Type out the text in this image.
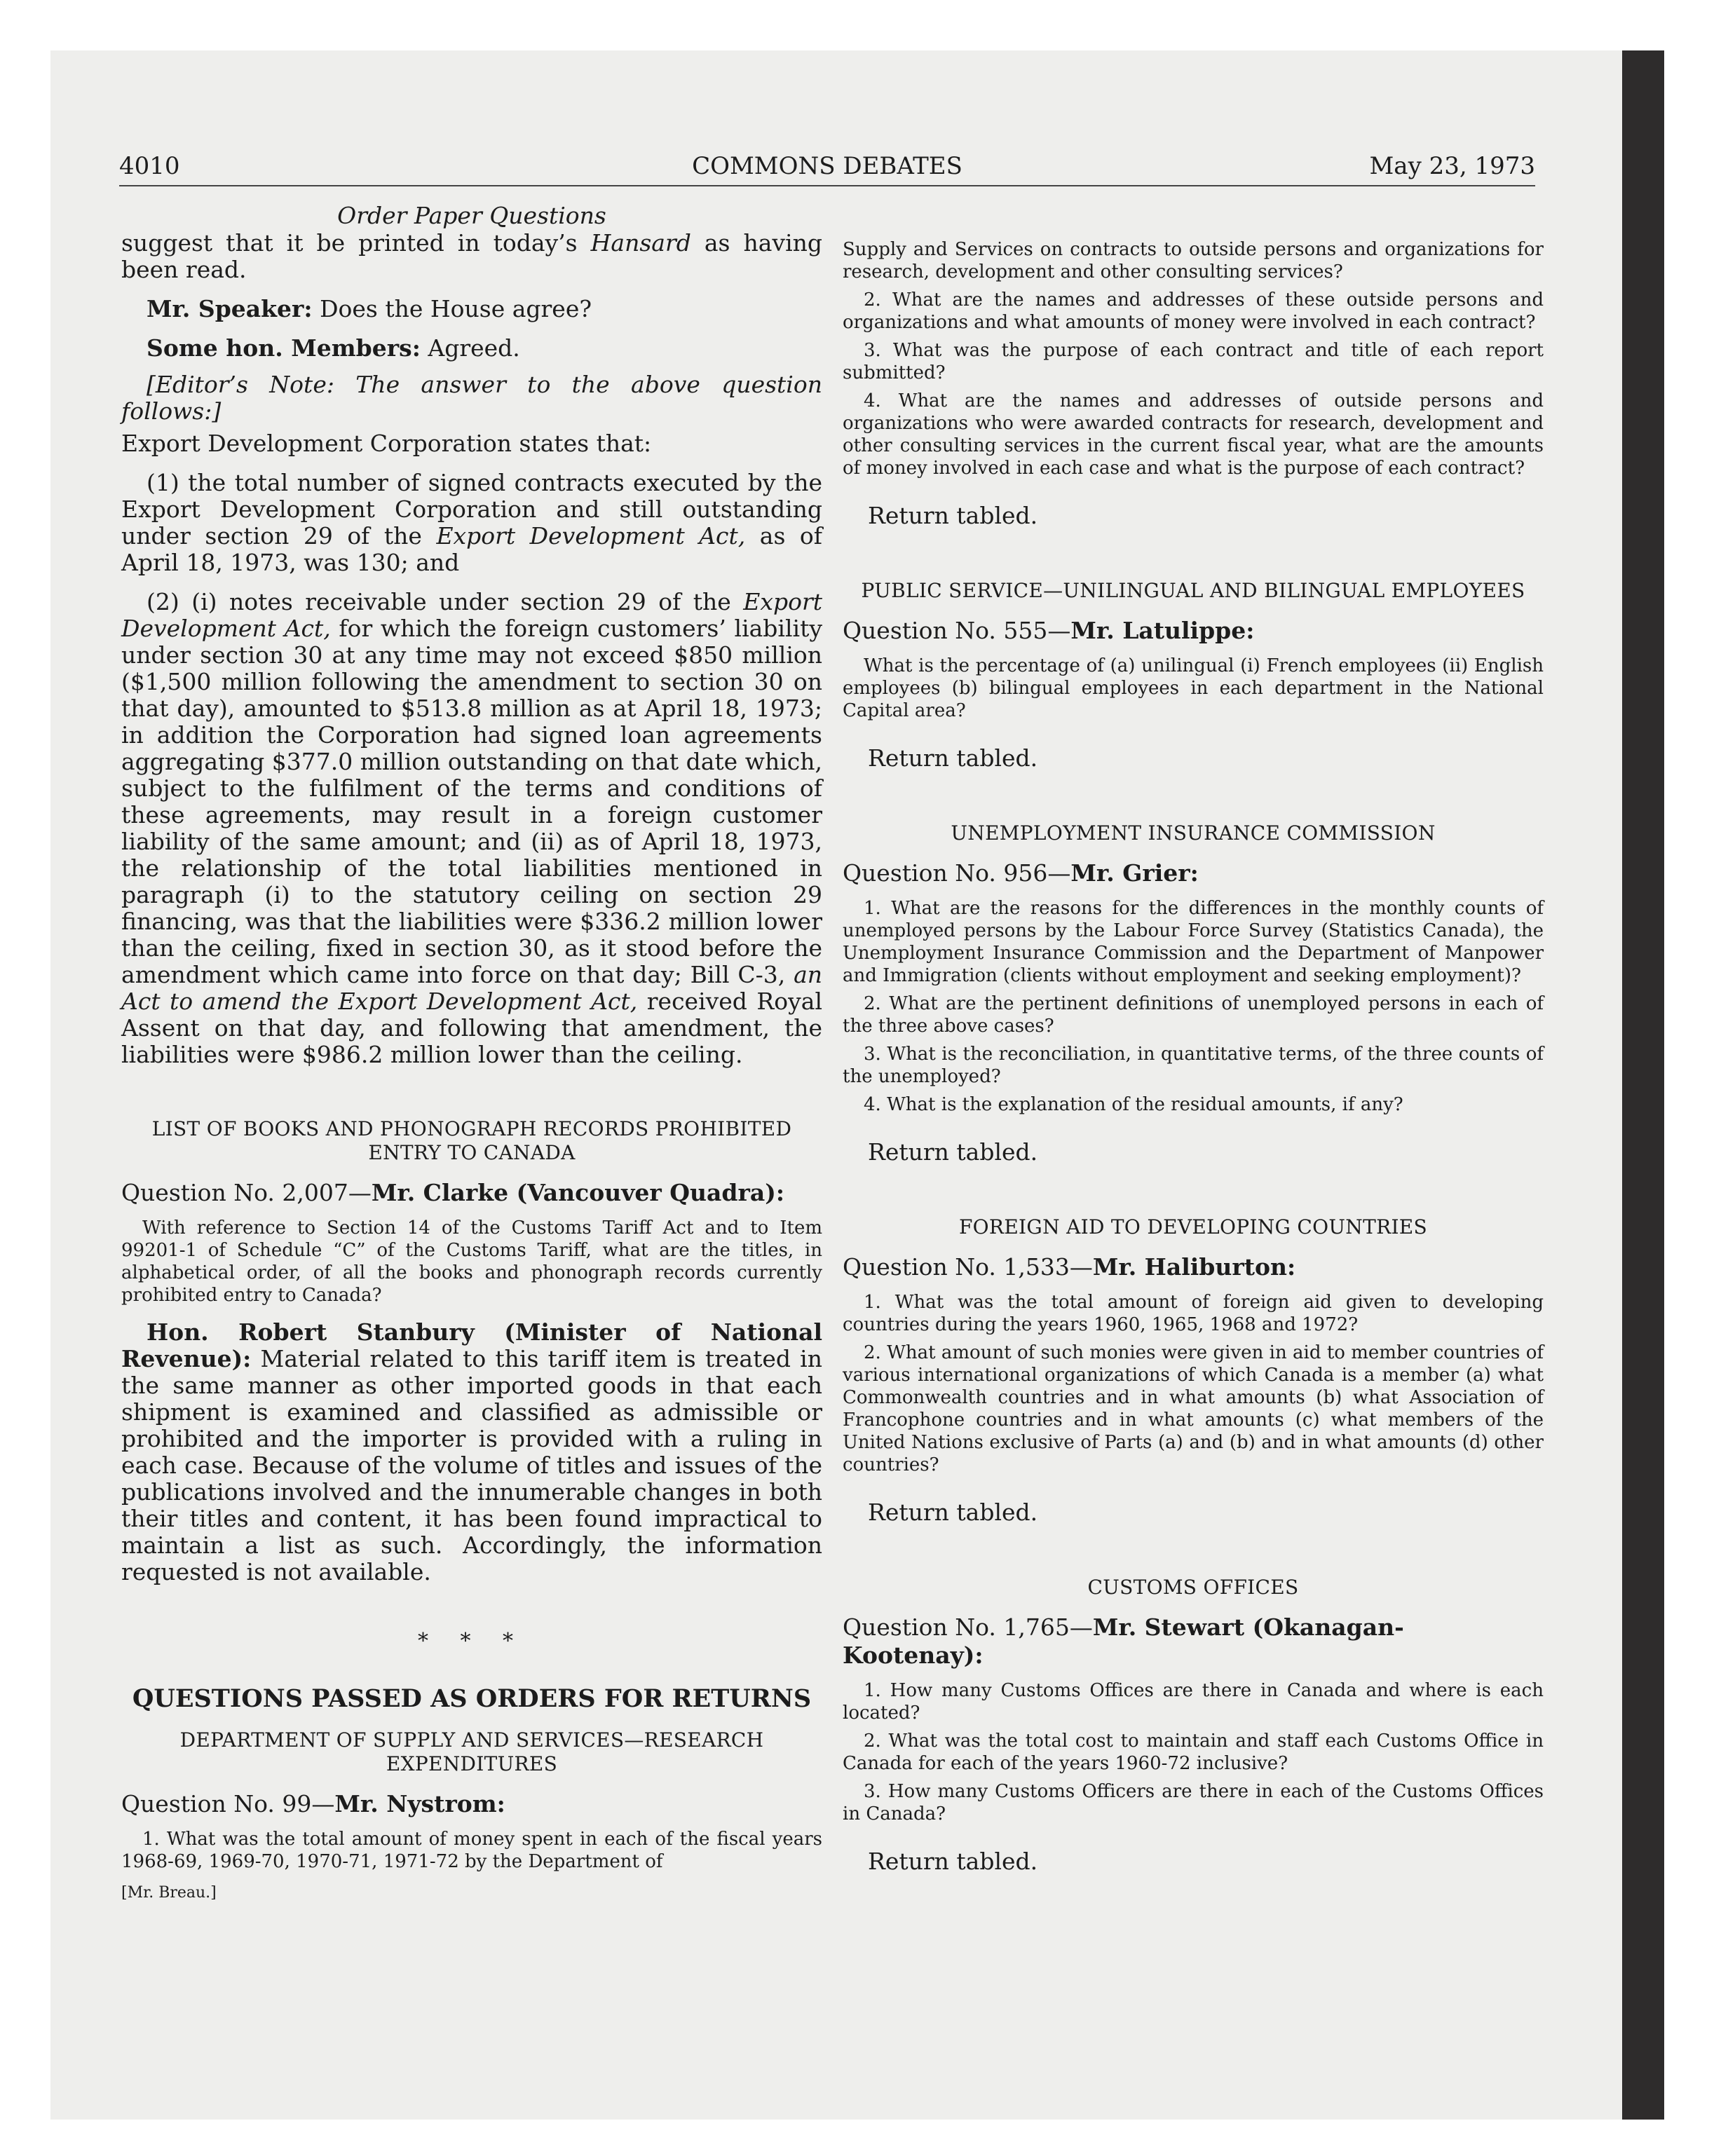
4010	COMMONS DEBATES	May 23, 1973

Order Paper Questions

suggest that it be printed in today’s Hansard as having been read.

Mr. Speaker: Does the House agree?

Some hon. Members: Agreed.

[Editor’s Note: The answer to the above question follows:]

Export Development Corporation states that:

(1) the total number of signed contracts executed by the Export Development Corporation and still outstanding under section 29 of the Export Development Act, as of April 18, 1973, was 130; and

(2) (i) notes receivable under section 29 of the Export Development Act, for which the foreign customers’ liability under section 30 at any time may not exceed $850 million ($1,500 million following the amendment to section 30 on that day), amounted to $513.8 million as at April 18, 1973; in addition the Corporation had signed loan agreements aggregating $377.0 million outstanding on that date which, subject to the fulfilment of the terms and conditions of these agreements, may result in a foreign customer liability of the same amount; and (ii) as of April 18, 1973, the relationship of the total liabilities mentioned in paragraph (i) to the statutory ceiling on section 29 financing, was that the liabilities were $336.2 million lower than the ceiling, fixed in section 30, as it stood before the amendment which came into force on that day; Bill C-3, an Act to amend the Export Development Act, received Royal Assent on that day, and following that amendment, the liabilities were $986.2 million lower than the ceiling.

LIST OF BOOKS AND PHONOGRAPH RECORDS PROHIBITED ENTRY TO CANADA

Question No. 2,007—Mr. Clarke (Vancouver Quadra):

With reference to Section 14 of the Customs Tariff Act and to Item 99201-1 of Schedule “C” of the Customs Tariff, what are the titles, in alphabetical order, of all the books and phonograph records currently prohibited entry to Canada?

Hon. Robert Stanbury (Minister of National Revenue): Material related to this tariff item is treated in the same manner as other imported goods in that each shipment is examined and classified as admissible or prohibited and the importer is provided with a ruling in each case. Because of the volume of titles and issues of the publications involved and the innumerable changes in both their titles and content, it has been found impractical to maintain a list as such. Accordingly, the information requested is not available.

* * *

QUESTIONS PASSED AS ORDERS FOR RETURNS

DEPARTMENT OF SUPPLY AND SERVICES—RESEARCH EXPENDITURES

Question No. 99—Mr. Nystrom:

1. What was the total amount of money spent in each of the fiscal years 1968-69, 1969-70, 1970-71, 1971-72 by the Department of

[Mr. Breau.]

Supply and Services on contracts to outside persons and organizations for research, development and other consulting services?

2. What are the names and addresses of these outside persons and organizations and what amounts of money were involved in each contract?

3. What was the purpose of each contract and title of each report submitted?

4. What are the names and addresses of outside persons and organizations who were awarded contracts for research, development and other consulting services in the current fiscal year, what are the amounts of money involved in each case and what is the purpose of each contract?

Return tabled.

PUBLIC SERVICE—UNILINGUAL AND BILINGUAL EMPLOYEES

Question No. 555—Mr. Latulippe:

What is the percentage of (a) unilingual (i) French employees (ii) English employees (b) bilingual employees in each department in the National Capital area?

Return tabled.

UNEMPLOYMENT INSURANCE COMMISSION

Question No. 956—Mr. Grier:

1. What are the reasons for the differences in the monthly counts of unemployed persons by the Labour Force Survey (Statistics Canada), the Unemployment Insurance Commission and the Department of Manpower and Immigration (clients without employment and seeking employment)?

2. What are the pertinent definitions of unemployed persons in each of the three above cases?

3. What is the reconciliation, in quantitative terms, of the three counts of the unemployed?

4. What is the explanation of the residual amounts, if any?

Return tabled.

FOREIGN AID TO DEVELOPING COUNTRIES

Question No. 1,533—Mr. Haliburton:

1. What was the total amount of foreign aid given to developing countries during the years 1960, 1965, 1968 and 1972?

2. What amount of such monies were given in aid to member countries of various international organizations of which Canada is a member (a) what Commonwealth countries and in what amounts (b) what Association of Francophone countries and in what amounts (c) what members of the United Nations exclusive of Parts (a) and (b) and in what amounts (d) other countries?

Return tabled.

CUSTOMS OFFICES

Question No. 1,765—Mr. Stewart (Okanagan-Kootenay):

1. How many Customs Offices are there in Canada and where is each located?

2. What was the total cost to maintain and staff each Customs Office in Canada for each of the years 1960-72 inclusive?

3. How many Customs Officers are there in each of the Customs Offices in Canada?

Return tabled.
